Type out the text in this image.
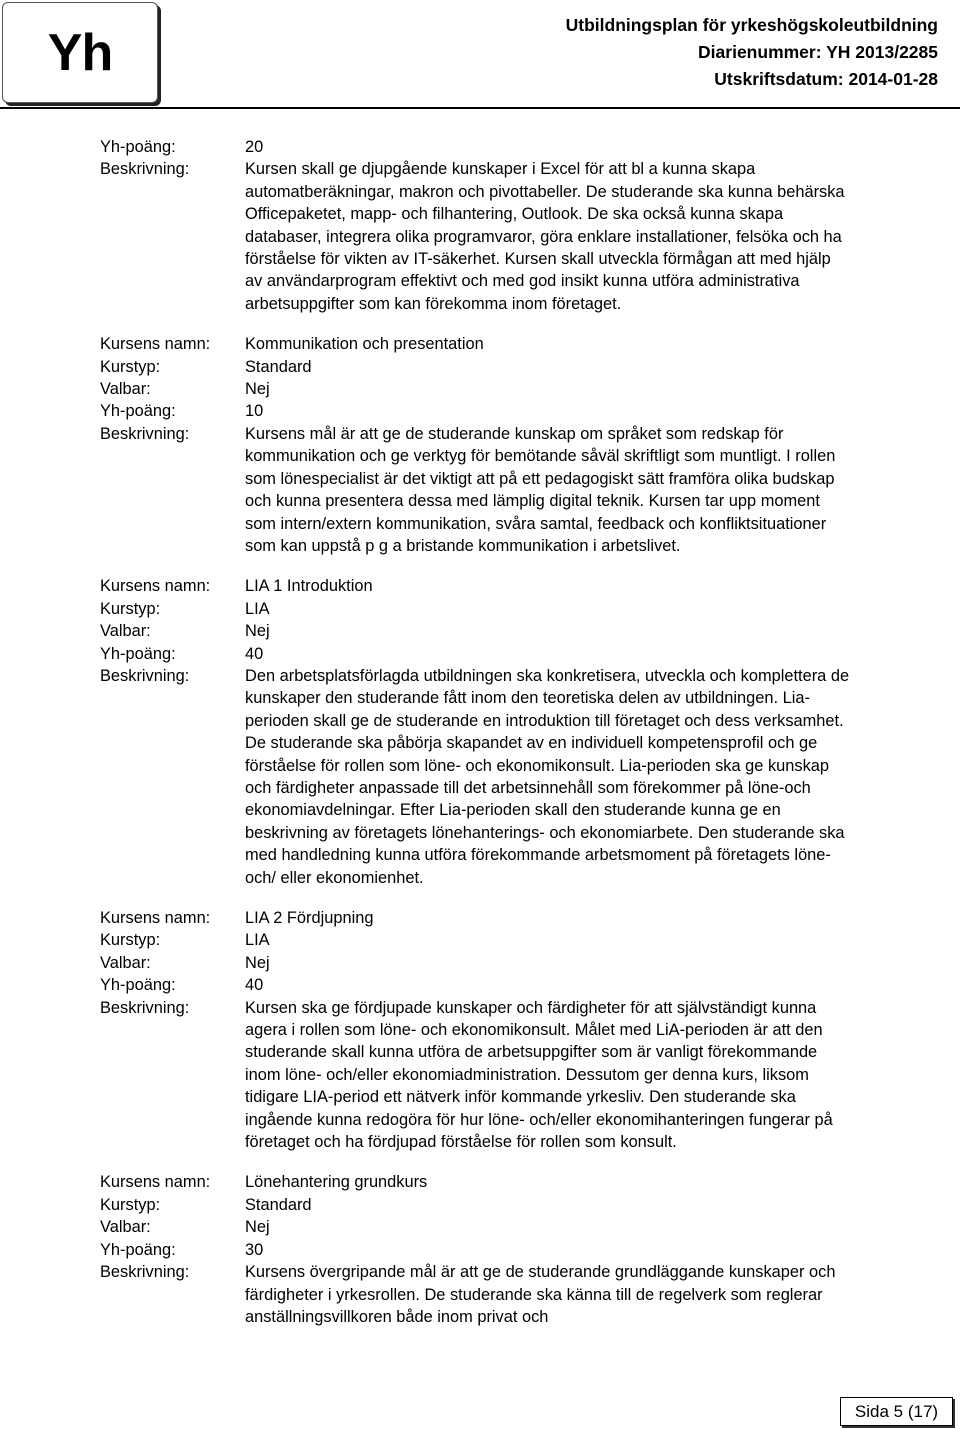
Yh	Utbildningsplan för yrkeshögskoleutbildning
Diarienummer: YH 2013/2285
Utskriftsdatum: 2014-01-28
Yh-poäng:	20
Beskrivning:	Kursen skall ge djupgående kunskaper i Excel för att bl a kunna skapa
automatberäkningar, makron och pivottabeller. De studerande ska kunna behärska
Officepaketet, mapp- och filhantering, Outlook. De ska också kunna skapa
databaser, integrera olika programvaror, göra enklare installationer, felsöka och ha
förståelse för vikten av IT-säkerhet. Kursen skall utveckla förmågan att med hjälp
av användarprogram effektivt och med god insikt kunna utföra administrativa
arbetsuppgifter som kan förekomma inom företaget.
Kursens namn:	Kommunikation och presentation
Kurstyp:	Standard
Valbar:	Nej
Yh-poäng:	10
Beskrivning:	Kursens mål är att ge de studerande kunskap om språket som redskap för
kommunikation och ge verktyg för bemötande såväl skriftligt som muntligt. I rollen
som lönespecialist är det viktigt att på ett pedagogiskt sätt framföra olika budskap
och kunna presentera dessa med lämplig digital teknik. Kursen tar upp moment
som intern/extern kommunikation, svåra samtal, feedback och konfliktsituationer
som kan uppstå p g a bristande kommunikation i arbetslivet.
Kursens namn:	LIA 1 Introduktion
Kurstyp:	LIA
Valbar:	Nej
Yh-poäng:	40
Beskrivning:	Den arbetsplatsförlagda utbildningen ska konkretisera, utveckla och komplettera de
kunskaper den studerande fått inom den teoretiska delen av utbildningen. Lia-
perioden skall ge de studerande en introduktion till företaget och dess verksamhet.
De studerande ska påbörja skapandet av en individuell kompetensprofil och ge
förståelse för rollen som löne- och ekonomikonsult. Lia-perioden ska ge kunskap
och färdigheter anpassade till det arbetsinnehåll som förekommer på löne-och
ekonomiavdelningar. Efter Lia-perioden skall den studerande kunna ge en
beskrivning av företagets lönehanterings- och ekonomiarbete. Den studerande ska
med handledning kunna utföra förekommande arbetsmoment på företagets löne-
och/ eller ekonomienhet.
Kursens namn:	LIA 2 Fördjupning
Kurstyp:	LIA
Valbar:	Nej
Yh-poäng:	40
Beskrivning:	Kursen ska ge fördjupade kunskaper och färdigheter för att självständigt kunna
agera i rollen som löne- och ekonomikonsult. Målet med LiA-perioden är att den
studerande skall kunna utföra de arbetsuppgifter som är vanligt förekommande
inom löne- och/eller ekonomiadministration. Dessutom ger denna kurs, liksom
tidigare LIA-period ett nätverk inför kommande yrkesliv. Den studerande ska
ingående kunna redogöra för hur löne- och/eller ekonomihanteringen fungerar på
företaget och ha fördjupad förståelse för rollen som konsult.
Kursens namn:	Lönehantering grundkurs
Kurstyp:	Standard
Valbar:	Nej
Yh-poäng:	30
Beskrivning:	Kursens övergripande mål är att ge de studerande grundläggande kunskaper och
färdigheter i yrkesrollen. De studerande ska känna till de regelverk som reglerar
anställningsvillkoren både inom privat och
Sida 5 (17)
